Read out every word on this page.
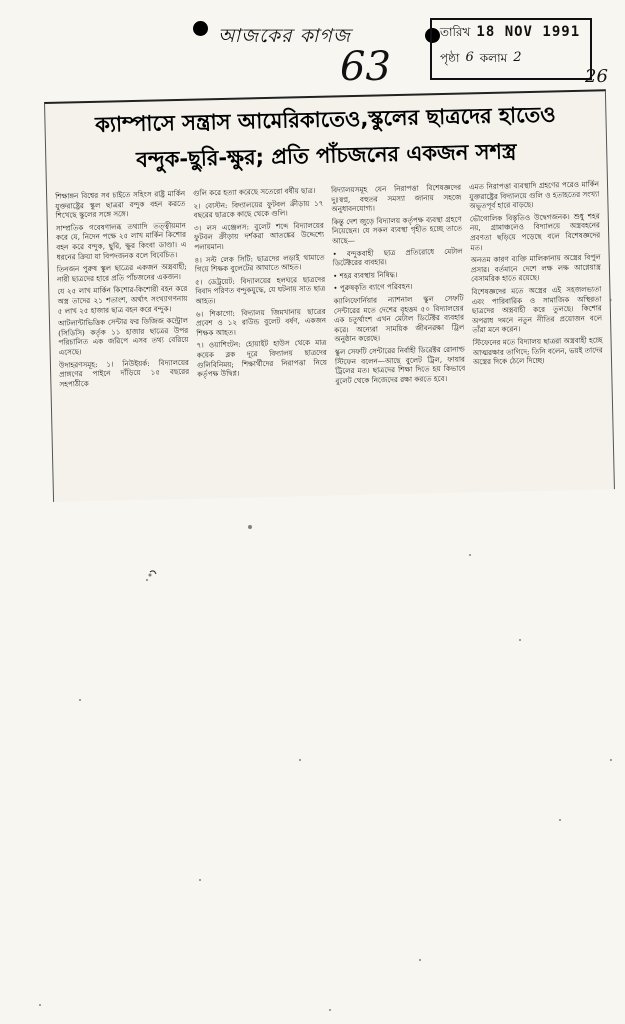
আজকের কাগজ
63
তারিখ 18 NOV 1991
পৃষ্ঠা 6 কলাম 2
26
ক্যাম্পাসে সন্ত্রাস আমেরিকাতেও,স্কুলের ছাত্রদের হাতেও
বন্দুক-ছুরি-ক্ষুর; প্রতি পাঁচজনের একজন সশস্ত্র

শিক্ষাঙ্গন বিশ্বের সব চাইতে সহিংস রাষ্ট্র মার্কিন যুক্তরাষ্ট্রের স্কুল ছাত্ররা বন্দুক বহন করতে শিখেছে স্কুলের সঙ্গে সঙ্গে।

সাম্প্রতিক গবেষণালব্ধ তথ্যাদি তত্ত্বীয়মান করে যে, নিদেন পক্ষে ২৫ লাখ মার্কিন কিশোর বহন করে বন্দুক, ছুরি, ক্ষুর কিংবা ডাণ্ডা। এ ধরনের ক্রিয়া যা বিপদজনক বলে বিবেচিত।

তিনজন পুরুষ স্কুল ছাত্রের একজন অস্ত্রবাহী; নারী ছাত্রদের হারে প্রতি পাঁচজনের একজন।

যে ২৫ লাখ মার্কিন কিশোর-কিশোরী বহন করে অস্ত্র তাদের ২১ শতাংশ, অর্থাৎ সংখ্যাগণনায় ৫ লাখ ২৫ হাজার ছাত্র বহন করে বন্দুক।

আটলান্টাভিত্তিক সেন্টার ফর ডিজিজ কন্ট্রোল (সিডিসি) কর্তৃক ১১ হাজার ছাত্রের উপর পরিচালিত এক জরিপে এসব তথ্য বেরিয়ে এসেছে।

উদাহরণসমূহ: ১। নিউইয়র্ক: বিদ্যালয়ের প্রাঙ্গণের পাইনে দাঁড়িয়ে ১৫ বছরের সহপাঠীকে

গুলি করে হত্যা করেছে সতেরো বর্ষীয় ছাত্র।

২। বোস্টন: বিদ্যালয়ের ফুটবল ক্রীড়ায় ১৭ বছরের ছাত্রকে কাছে থেকে গুলি।

৩। লস এঞ্জেলস: বুলেট শব্দে বিদ্যালয়ের ফুটবল ক্রীড়ায় দর্শকরা আতঙ্কের উদ্দেশ্যে পলায়মান।

৪। সল্ট লেক সিটি: ছাত্রদের লড়াই থামাতে গিয়ে শিক্ষক বুলেটের আঘাতে আহত।

৫। ডেট্রয়েট: বিদ্যালয়ের হলঘরে ছাত্রদের বিবাদ পরিণত বন্দুকযুদ্ধে, যে ঘটনায় সাত ছাত্র আহত।

৬। শিকাগো: বিদ্যালয় জিমখানায় ছাত্রের প্রবেশ ও ১২ রাউন্ড বুলেট বর্ষণ, একজন শিক্ষক আহত।

৭। ওয়াশিংটন: হোয়াইট হাউস থেকে মাত্র কয়েক ব্লক দূরে বিদ্যালয় ছাত্রদের গুলিবিনিময়; শিক্ষার্থীদের নিরাপত্তা নিয়ে কর্তৃপক্ষ উদ্বিগ্ন।

বিদ্যালয়সমূহ যেন নিরাপত্তা বিশেষজ্ঞদের দুঃস্বপ্ন, বহুতর সমস্যা জানায় সহজে অনুধাবনযোগ্য।

কিন্তু দেশ জুড়ে বিদ্যালয় কর্তৃপক্ষ ব্যবস্থা গ্রহণে নিয়েছেন। যে সকল ব্যবস্থা গৃহীত হচ্ছে তাতে আছে—

• বন্দুকবাহী ছাত্র প্রতিরোধে মেটাল ডিটেক্টরের ব্যবহার।

• শহর ব্যবস্থায় নিষিদ্ধ।

• পুরুষকৃতি ব্যাগে পরিবহন।

ক্যালিফোর্নিয়ার ন্যাশনাল স্কুল সেফটি সেন্টারের মতে দেশের বৃহত্তম ৫০ বিদ্যালয়ের এক চতুর্থাংশ এখন মেটাল ডিটেক্টর ব্যবহার করে। অন্যেরা সাময়িক জীবনরক্ষা ট্রিল অনুষ্ঠান করেছে।

স্কুল সেফটি সেন্টারের নির্বাহী ডিরেক্টর রোনাল্ড স্টিফেন বলেন—আছে বুলেট ট্রিল, ফায়ার ট্রিলের মত। ছাত্রদের শিক্ষা দিতে হয় কিভাবে বুলেট থেকে নিজেদের রক্ষা করতে হবে।

এমত নিরাপত্তা ব্যবস্থাদি গ্রহণের পরেও মার্কিন যুক্তরাষ্ট্রের বিদ্যালয়ে গুলি ও হতাহতের সংখ্যা অভূতপূর্ব হারে বাড়ছে।

ভৌগোলিক বিস্তৃতিও উদ্বেগজনক। শুধু শহর নয়, গ্রামাঞ্চলেও বিদ্যালয়ে অস্ত্রবহনের প্রবণতা ছড়িয়ে পড়েছে বলে বিশেষজ্ঞদের মত।

অনতম কারণ ব্যক্তি মালিকানায় অস্ত্রের বিপুল প্রসার। বর্তমানে দেশে লক্ষ লক্ষ আগ্নেয়াস্ত্র বেসামরিক হাতে রয়েছে।

বিশেষজ্ঞদের মতে অস্ত্রের এই সহজলভ্যতা এবং পারিবারিক ও সামাজিক অস্থিরতা ছাত্রদের অস্ত্রবাহী করে তুলছে। কিশোর অপরাধ দমনে নতুন নীতির প্রয়োজন বলে তাঁরা মনে করেন।

স্টিফেনের মতে বিদ্যালয় ছাত্ররা অস্ত্রবাহী হচ্ছে আত্মরক্ষার তাগিদে; তিনি বলেন, ভয়ই তাদের অস্ত্রের দিকে ঠেলে দিচ্ছে।
